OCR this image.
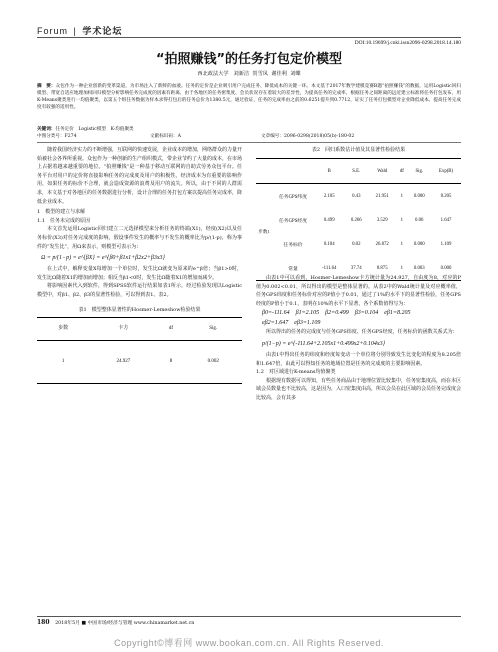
Forum | 学术论坛
DOI:10.19699/j.cnki.issn2096-0298.2018.14.180
“拍照赚钱”的任务打包定价模型
西北政法大学 刘新洁 贺雪凤 谢佳利 刘蝶
摘　要：众包作为一种企业创新的变革渠道，为市场注入了新鲜的血液。任务的定价是企业吸引用户完成任务、降低成本的关键一环。本文基于2017年数学建模竞赛B题“拍照赚钱”的数据，运用Logistic回归模型、带宽自适应地理加权回归模型分析影响任务完成度的因素有距离、由于各地区的任务密集度、会员状况存在着较大的差异性，为提高任务的完成率，根据任务之间距离的远近建立标准将任务打包发布，用K-Means聚类进行一均值聚类，以第五个组任务数据为样本求得打包后的任务总价为1380.5元，通过验证，任务的完成率由之前的0.6251提升到0.7712，证实了任务打包模型对企业降低成本、提高任务完成度有较强的适用性。
关键词：任务定价　Logistic模型　K-均值聚类
中图分类号：F274	文献标识码：A	文章编号：2096-0298(2018)05(b)-180-02

随着我国经济实力的不断增强，互联网的快速发展，企业成本的增加，网络群众的力量开始被社会各界所重视。众包作为一种创新的生产组织模式，带企业节约了大量的成本，在市场上占据着越来越重要的地位。“拍照赚钱”是一种基于移动互联网的自助式劳务众包平台。任务平台对用户的定价将直接影响任务的完成度及用户的积极性。经济成本为有重要的影响作用，如果任务的标价不合理，就会造成资源的浪费及用户的流失。所以，由于不同的人群需求，本文基于对各地区的任务数据进行分析，设计合理的任务打包方案以提高任务完成率，降低企业成本。

1　模型的建立与求解
1.1　任务未完成的原因

本文首先运用Logistic回归建立二元选择模型来分析任务的终端(X1)，经度(X2)以及任务标价(X3)对任务完成度的影响，假设事件发生的概率与不发生的概率比为p/(1-p)，称为事件的“发生比”，用Ω来表示，则模型可表示为：

Ω = p/(1−p) = e^{βX} = e^{β0+β1x1+β2x2+β3x3}

在上式中，解释变量X每增加一个单位时，发生比Ω就变为原来的e^β倍；当β1>0时，发生比Ω随着X1的增加而增加；相反当β1<0时，发生比Ω随着X1的增加而减少。

将影响因素代入到软件，得到SPSS软件运行结果如表1所示，经过检验发现以Logistic模型中，对β1、β2、β3的显著性检验，可以得到表1、表2。

表1　模型整体显著性的Hosmer-Lemeshow检验结果
步数	卡方	df	Sig.
1	24.927	8	0.002
表2　回归系数估计值及其显著性检验结果
		B	S.E.	Wald	df	Sig.	Exp(B)
步数1	任务GPS纬度	2.105	0.43	21.951	1	0.000	8.205
	任务GPS经度	0.499	0.266	3.529	1	0.06	1.647
	任务标价	0.104	0.02	26.872	1	0.000	1.109
	常量	-111.64	37.74	8.875	1	0.003	0.000

由表1中可以看到，Hosmer-Lemeshow卡方统计量为24.927，自由度为8，对应的P值为0.002<0.01，所以得出的模型是整体显著的。从表2中的Wald统计量及对应概率值，任务GPS纬度和任务标价对应的P值小于0.01，通过了1%的水平下的显著性检验，任务GPS经度的P值小于0.1，表明在10%的水平下显著，各个系数值得写为：

β0=-111.64　β1=2.105　β2=0.499　β3=0.104　eβ1=8.205
eβ2=1.647　eβ3=1.109

所以得出的任务的完成度与任务GPS纬度、任务GPS经度，任务标价的函数关系式为：

p/(1−p) = e^{-111.64+2.105x1+0.499x2+0.104x3}

由表1中得出任务的纬度和经度每变动一个单位将分别导致发生比变化的程度为8.205倍和1.647倍，由此可以得知任务的地域位置是任务的完成度的主要影响因素。

1.2　对区域进行K-means均值聚类

根据现有数据可以得知，有些任务商品由于地理位置比较集中，任务密集度高，而在本区域会员数量也不比较高，这是因为，入口密集度由高，所以会员在此区域的会员任务完成度会比较高，会有其多

180 2018年5月 ■ 中国市场/经济与管理 www.chinamarket.net.cn
Copyright©博看网 www.bookan.com.cn. All Rights Reserved.
